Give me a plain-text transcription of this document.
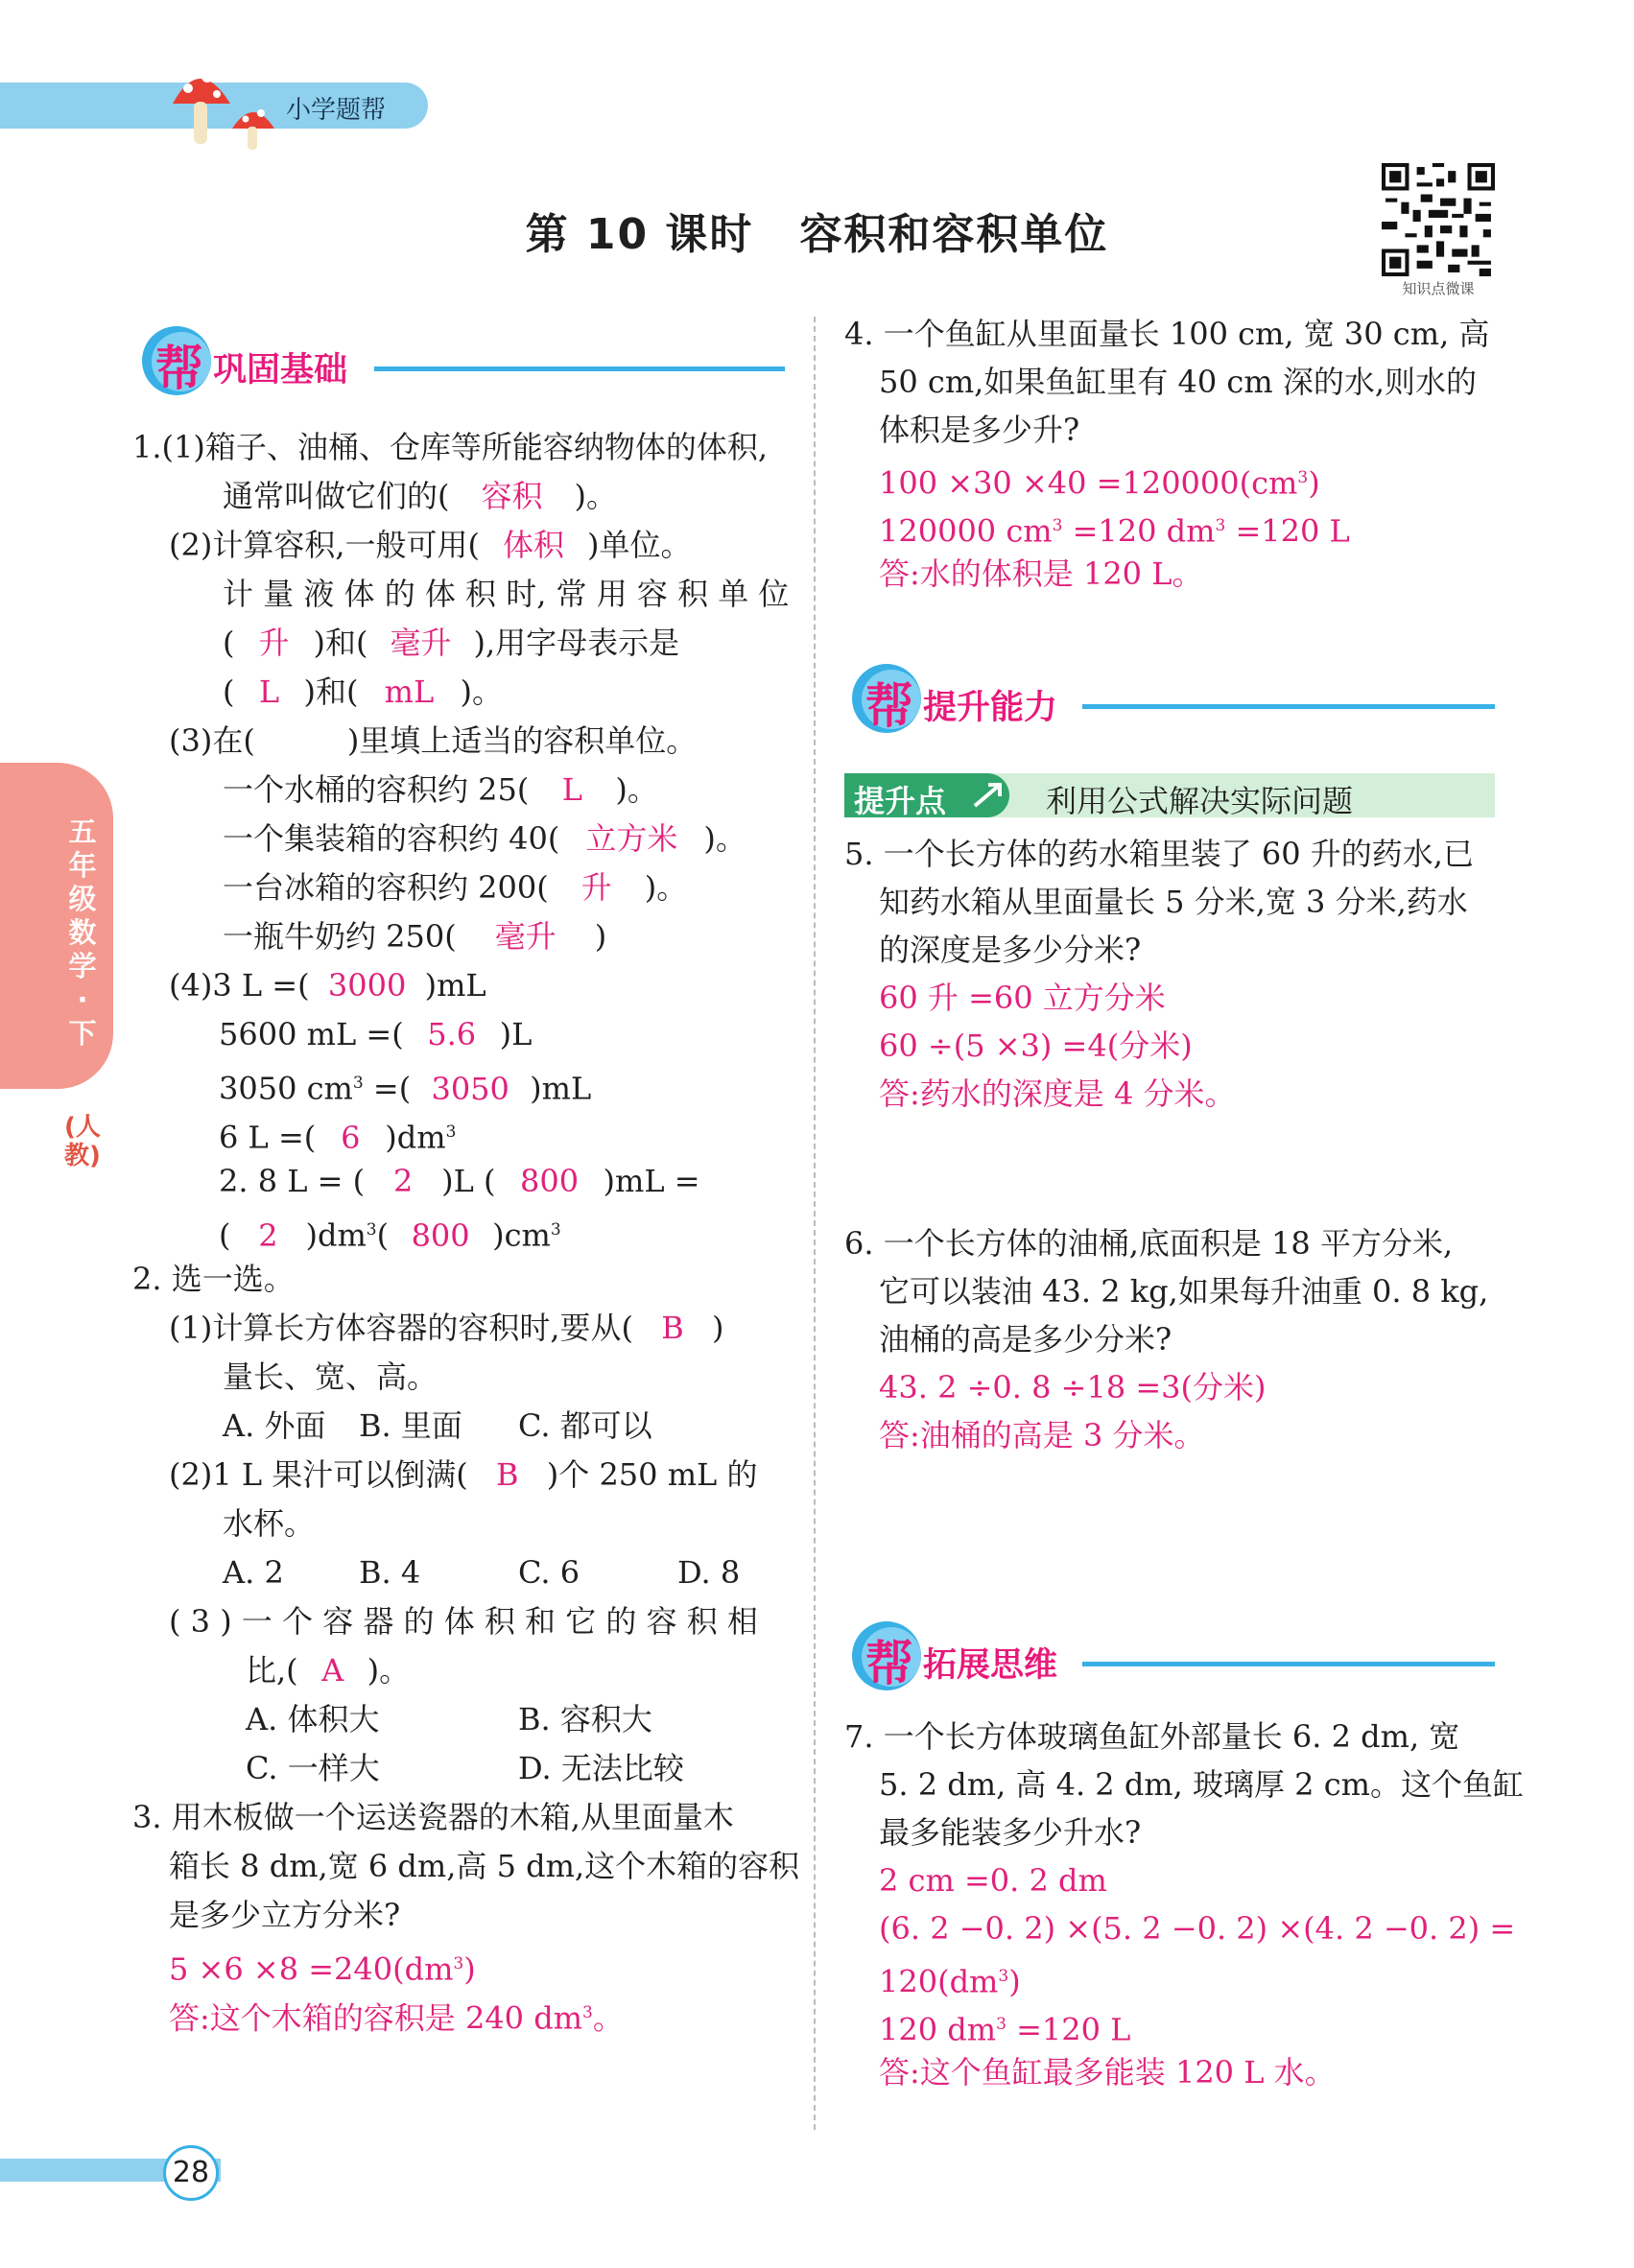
小学题帮
第 10 课时 容积和容积单位
知识点微课
五年级数学·下
(人教)
帮 巩固基础
1.(1)箱子、油桶、仓库等所能容纳物体的体积,
通常叫做它们的( 容积 )。
(2)计算容积,一般可用( 体积 )单位。
计 量 液 体 的 体 积 时, 常 用 容 积 单 位
( 升 )和( 毫升 ),用字母表示是
( L )和( mL )。
(3)在(　　　)里填上适当的容积单位。
一个水桶的容积约 25( L )。
一个集装箱的容积约 40( 立方米 )。
一台冰箱的容积约 200( 升 )。
一瓶牛奶约 250( 毫升 )
(4)3 L =( 3000 )mL
5600 mL =( 5.6 )L
3050 $cm^3$ =( 3050 )mL
6 L =( 6 )$dm^3$
2. 8 L = ( 2 )L ( 800 )mL =
( 2 )$dm^3$( 800 )$cm^3$
2. 选一选。
(1)计算长方体容器的容积时,要从( B )
量长、宽、高。
A. 外面 B. 里面 C. 都可以
(2)1 L 果汁可以倒满( B )个 250 mL 的
水杯。
A. 2 B. 4	C. 6	D. 8
( 3 ) 一 个 容 器 的 体 积 和 它 的 容 积 相
比,( A )。
A. 体积大	B. 容积大
C. 一样大	D. 无法比较
3. 用木板做一个运送瓷器的木箱,从里面量木
箱长 8 dm,宽 6 dm,高 5 dm,这个木箱的容积
是多少立方分米?
$5 \times 6 \times 8 =240(dm^3)$
答:这个木箱的容积是 240 $dm^3$。
4. 一个鱼缸从里面量长 100 cm, 宽 30 cm, 高
50 cm,如果鱼缸里有 40 cm 深的水,则水的
体积是多少升?
$100 \times 30 \times 40 =120000(cm^3)$
120000 $cm^3 =120$ $dm^3 =120$ L
答:水的体积是 120 L。
帮 提升能力
提升点	利用公式解决实际问题
5. 一个长方体的药水箱里装了 60 升的药水,已
知药水箱从里面量长 5 分米,宽 3 分米,药水
的深度是多少分米?
60 升 =60 立方分米
60 ÷(5 ×3) =4(分米)
答:药水的深度是 4 分米。
6. 一个长方体的油桶,底面积是 18 平方分米,
它可以装油 43. 2 kg,如果每升油重 0. 8 kg,
油桶的高是多少分米?
43. 2 ÷0. 8 ÷18 =3(分米)
答:油桶的高是 3 分米。
帮 拓展思维
7. 一个长方体玻璃鱼缸外部量长 6. 2 dm, 宽
5. 2 dm, 高 4. 2 dm, 玻璃厚 2 cm。这个鱼缸
最多能装多少升水?
2 cm =0. 2 dm
(6. 2 −0. 2) ×(5. 2 −0. 2) ×(4. 2 −0. 2) =
$120(dm^3)$
120 $dm^3 =120$ L
答:这个鱼缸最多能装 120 L 水。
28
